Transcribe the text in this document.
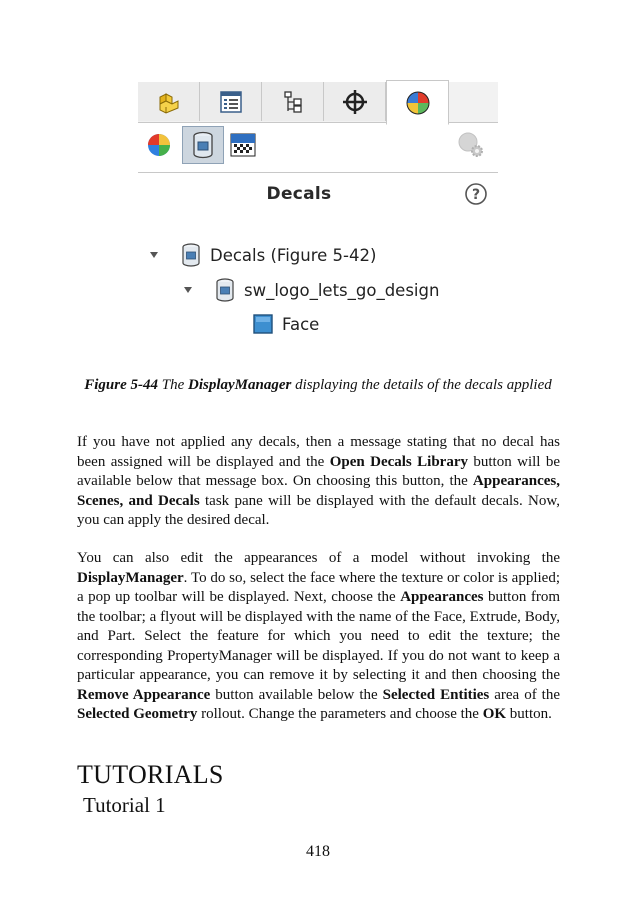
Decals	?
Decals (Figure 5-42)
sw_logo_lets_go_design
Face
Figure 5-44 The DisplayManager displaying the details of the decals applied

If you have not applied any decals, then a message stating that no decal has been assigned will be displayed and the Open Decals Library button will be available below that message box. On choosing this button, the Appearances, Scenes, and Decals task pane will be displayed with the default decals. Now, you can apply the desired decal.

You can also edit the appearances of a model without invoking the DisplayManager. To do so, select the face where the texture or color is applied; a pop up toolbar will be displayed. Next, choose the Appearances button from the toolbar; a flyout will be displayed with the name of the Face, Extrude, Body, and Part. Select the feature for which you need to edit the texture; the corresponding PropertyManager will be displayed. If you do not want to keep a particular appearance, you can remove it by selecting it and then choosing the Remove Appearance button available below the Selected Entities area of the Selected Geometry rollout. Change the parameters and choose the OK button.

TUTORIALS
Tutorial 1
418
